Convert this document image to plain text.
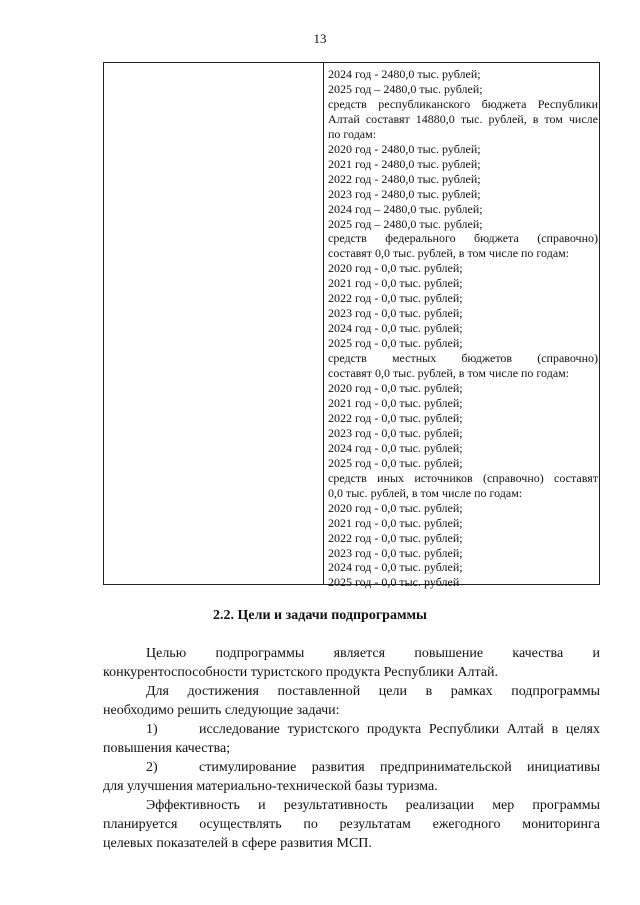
13
2024 год - 2480,0 тыс. рублей;
2025 год – 2480,0 тыс. рублей;
средств республиканского бюджета Республики
Алтай составят 14880,0 тыс. рублей, в том числе
по годам:
2020 год - 2480,0 тыс. рублей;
2021 год - 2480,0 тыс. рублей;
2022 год - 2480,0 тыс. рублей;
2023 год - 2480,0 тыс. рублей;
2024 год – 2480,0 тыс. рублей;
2025 год – 2480,0 тыс. рублей;
средств федерального бюджета (справочно)
составят 0,0 тыс. рублей, в том числе по годам:
2020 год - 0,0 тыс. рублей;
2021 год - 0,0 тыс. рублей;
2022 год - 0,0 тыс. рублей;
2023 год - 0,0 тыс. рублей;
2024 год - 0,0 тыс. рублей;
2025 год - 0,0 тыс. рублей;
средств местных бюджетов (справочно)
составят 0,0 тыс. рублей, в том числе по годам:
2020 год - 0,0 тыс. рублей;
2021 год - 0,0 тыс. рублей;
2022 год - 0,0 тыс. рублей;
2023 год - 0,0 тыс. рублей;
2024 год - 0,0 тыс. рублей;
2025 год - 0,0 тыс. рублей;
средств иных источников (справочно) составят
0,0 тыс. рублей, в том числе по годам:
2020 год - 0,0 тыс. рублей;
2021 год - 0,0 тыс. рублей;
2022 год - 0,0 тыс. рублей;
2023 год - 0,0 тыс. рублей;
2024 год - 0,0 тыс. рублей;
2025 год - 0,0 тыс. рублей
2.2. Цели и задачи подпрограммы
Целью подпрограммы является повышение качества и
конкурентоспособности туристского продукта Республики Алтай.
Для достижения поставленной цели в рамках подпрограммы
необходимо решить следующие задачи:
1)	исследование туристского продукта Республики Алтай в целях
повышения качества;
2)	стимулирование развития предпринимательской инициативы
для улучшения материально-технической базы туризма.
Эффективность и результативность реализации мер программы
планируется осуществлять по результатам ежегодного мониторинга
целевых показателей в сфере развития МСП.
